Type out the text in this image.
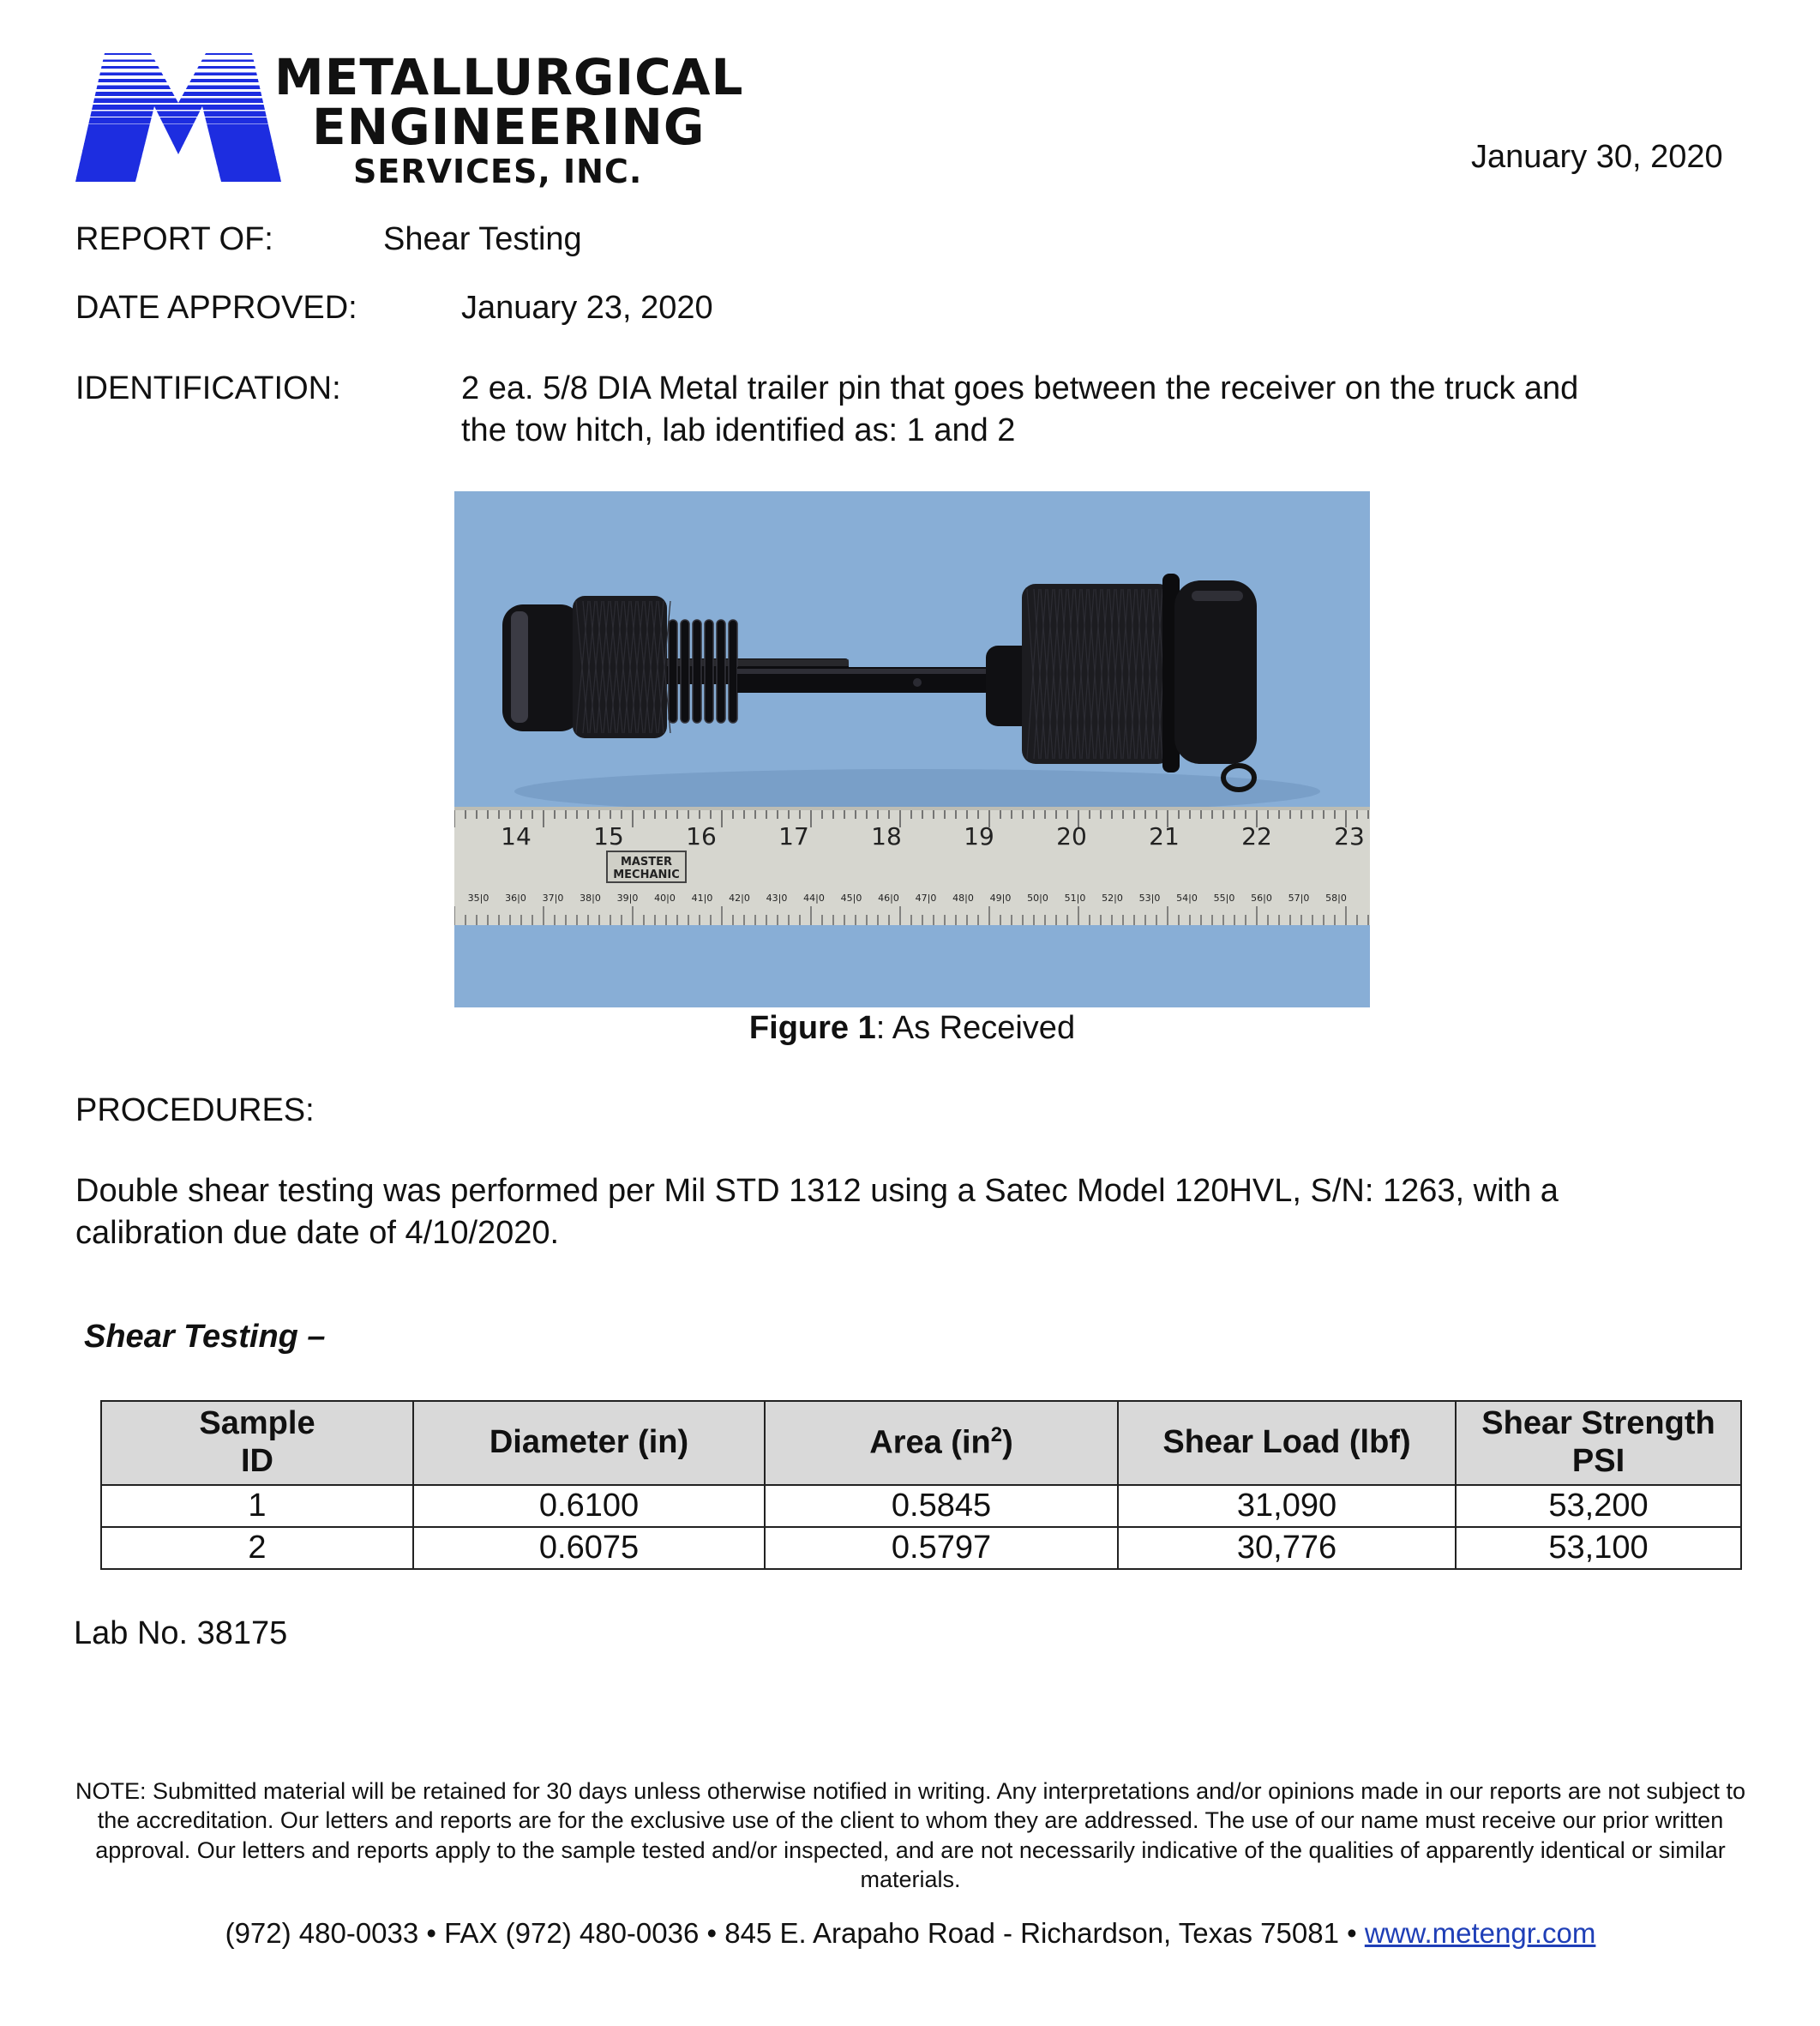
METALLURGICAL
ENGINEERING
SERVICES, INC.	January 30, 2020
REPORT OF:	Shear Testing
DATE APPROVED:	January 23, 2020
IDENTIFICATION:	2 ea. 5/8 DIA Metal trailer pin that goes between the receiver on the truck and
the tow hitch, lab identified as: 1 and 2
14	15	16	17	18	19	20	21	22	23
35|0 36|0 37|0 38|0 39|0 40|0 41|0 42|0 43|0 44|0 45|0 46|0 47|0 48|0 49|0 50|0 51|0 52|0 53|0 54|0 55|0 56|0 57|0 58|0
MASTER
MECHANIC
Figure 1: As Received
PROCEDURES:
Double shear testing was performed per Mil STD 1312 using a Satec Model 120HVL, S/N: 1263, with a
calibration due date of 4/10/2020.
Shear Testing –
Sample
ID	Diameter (in)	Area $(in^2)$	Shear Load (lbf)	Shear Strength
PSI
1	0.6100	0.5845	31,090	53,200
2	0.6075	0.5797	30,776	53,100
Lab No. 38175
NOTE: Submitted material will be retained for 30 days unless otherwise notified in writing. Any interpretations and/or opinions made in our reports are not subject to the accreditation. Our letters and reports are for the exclusive use of the client to whom they are addressed. The use of our name must receive our prior written approval. Our letters and reports apply to the sample tested and/or inspected, and are not necessarily indicative of the qualities of apparently identical or similar materials.
(972) 480-0033 • FAX (972) 480-0036 • 845 E. Arapaho Road - Richardson, Texas 75081 • www.metengr.com
